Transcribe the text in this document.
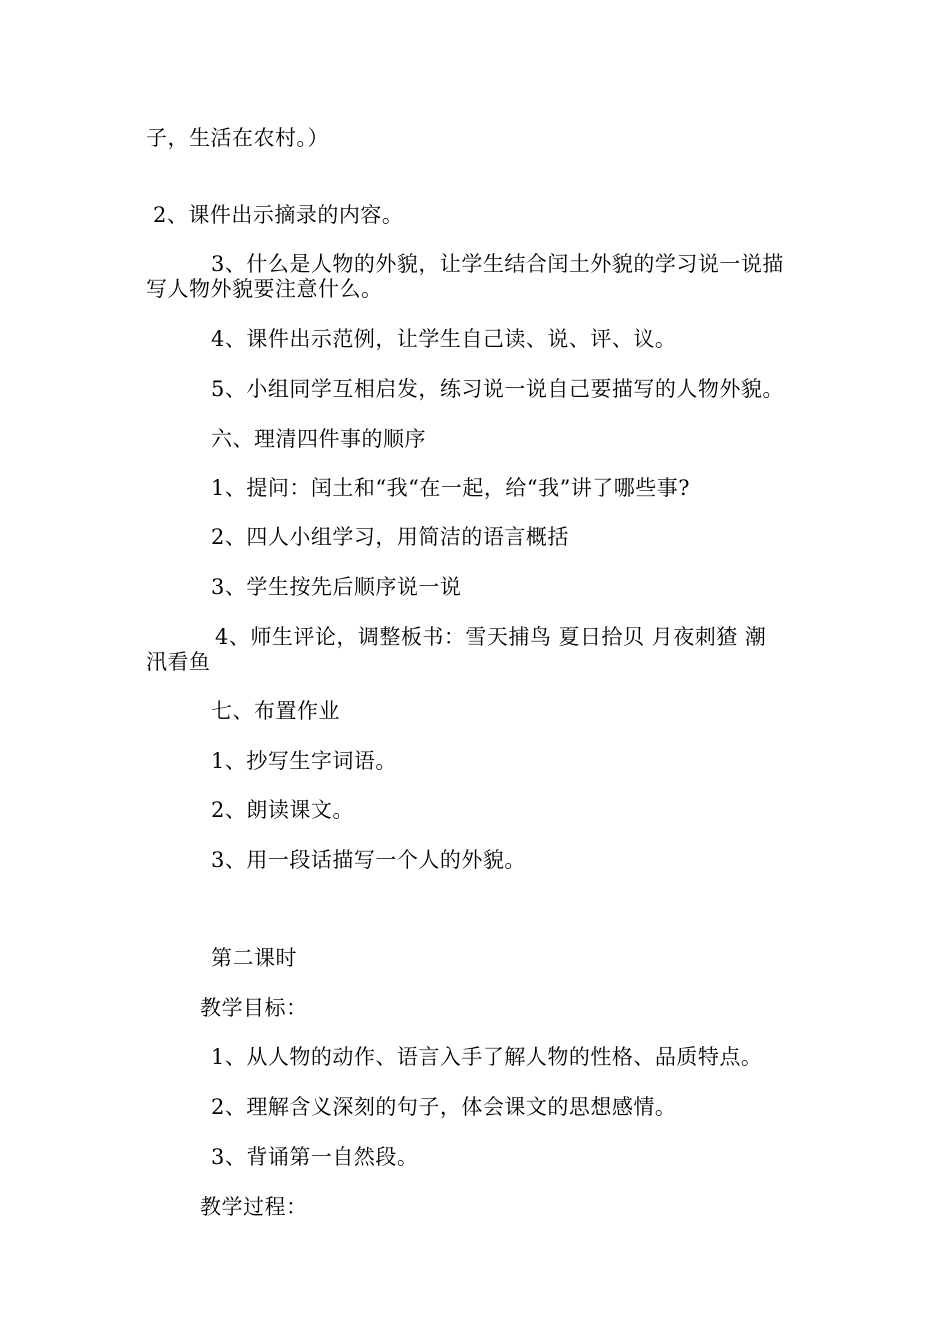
子，生活在农村。）
2、课件出示摘录的内容。
3、什么是人物的外貌，让学生结合闰土外貌的学习说一说描
写人物外貌要注意什么。
4、课件出示范例，让学生自己读、说、评、议。
5、小组同学互相启发，练习说一说自己要描写的人物外貌。
六、理清四件事的顺序
1、提问：闰土和“我“在一起，给“我”讲了哪些事?
2、四人小组学习，用简洁的语言概括
3、学生按先后顺序说一说
4、师生评论，调整板书：雪天捕鸟 夏日拾贝 月夜刺猹 潮
汛看鱼
七、布置作业
1、抄写生字词语。
2、朗读课文。
3、用一段话描写一个人的外貌。
第二课时
教学目标：
1、从人物的动作、语言入手了解人物的性格、品质特点。
2、理解含义深刻的句子，体会课文的思想感情。
3、背诵第一自然段。
教学过程：
